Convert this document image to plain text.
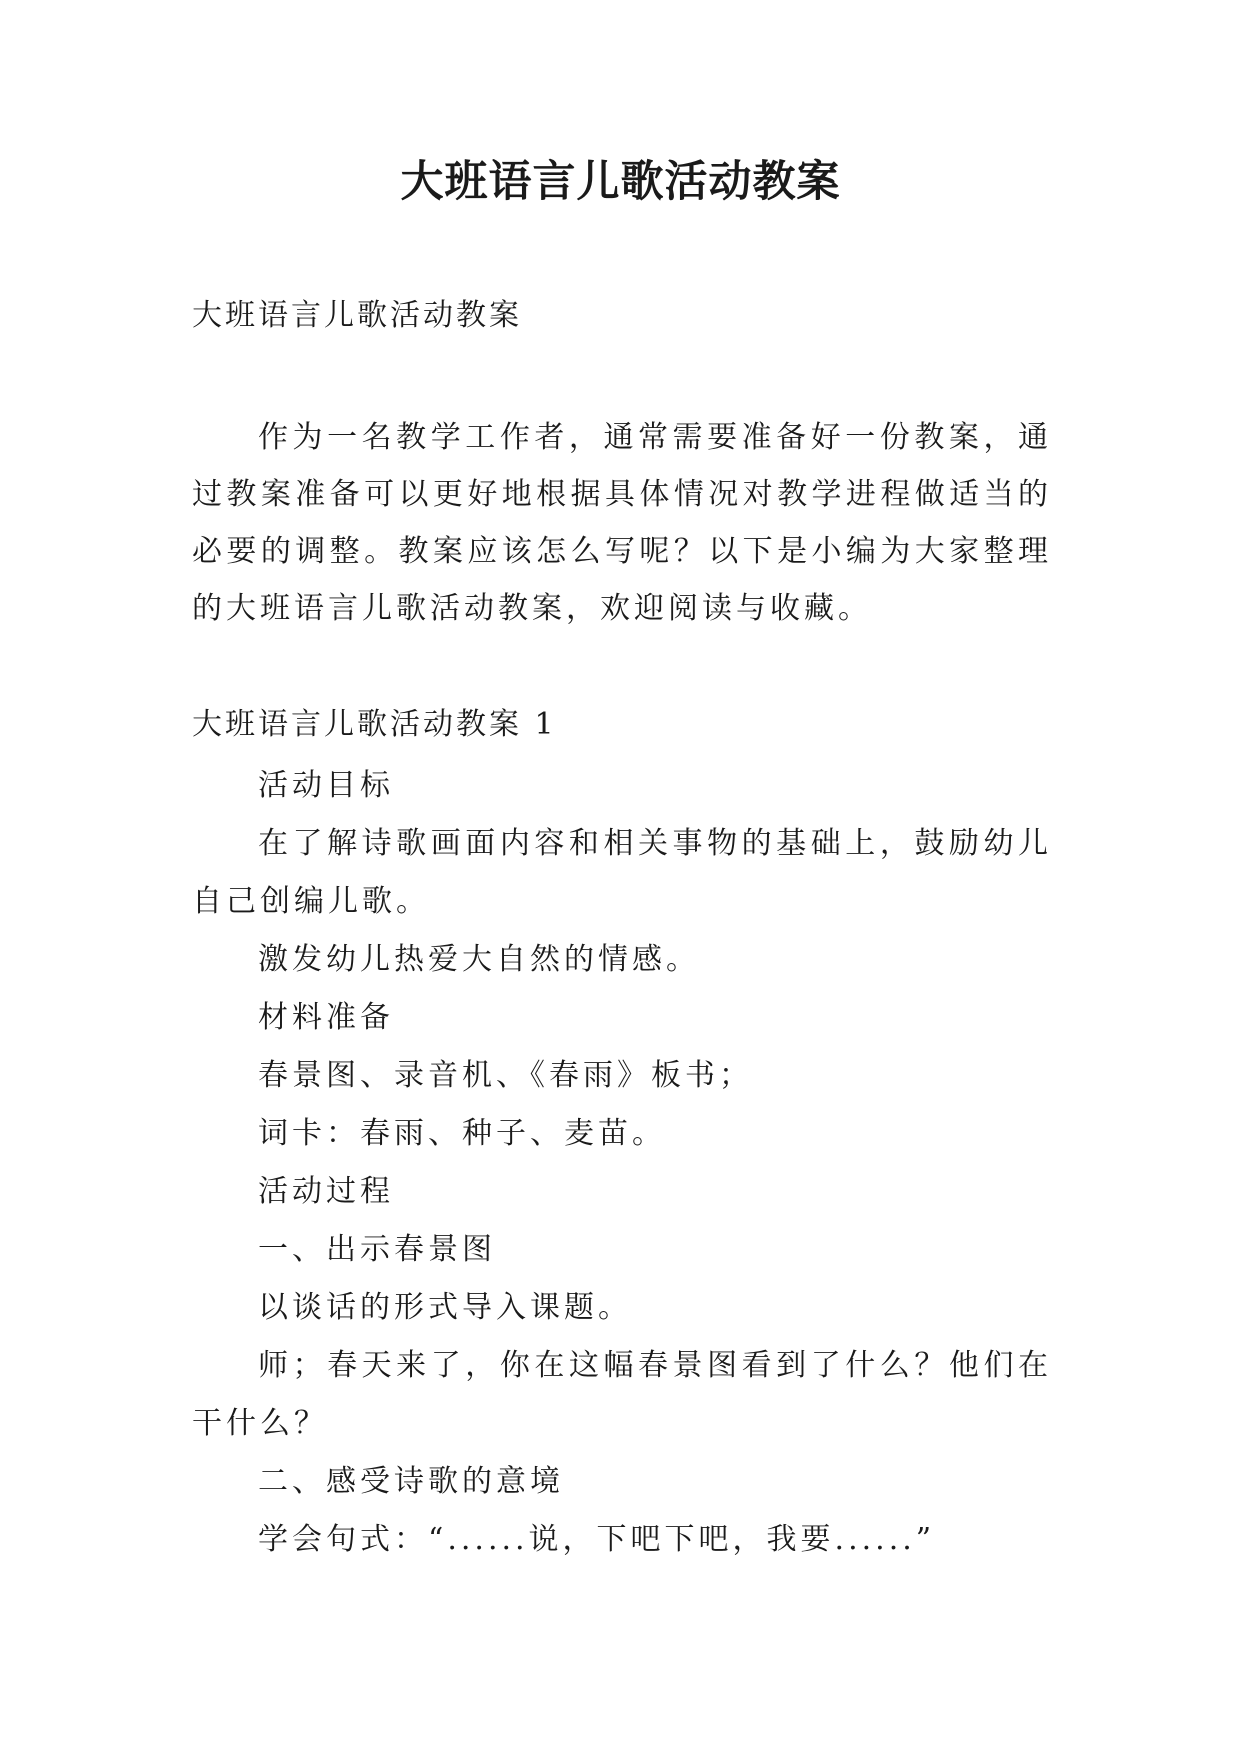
大班语言儿歌活动教案

大班语言儿歌活动教案

作为一名教学工作者，通常需要准备好一份教案，通过教案准备可以更好地根据具体情况对教学进程做适当的必要的调整。教案应该怎么写呢？以下是小编为大家整理的大班语言儿歌活动教案，欢迎阅读与收藏。

大班语言儿歌活动教案 1

活动目标

在了解诗歌画面内容和相关事物的基础上，鼓励幼儿自己创编儿歌。

激发幼儿热爱大自然的情感。

材料准备

春景图、录音机、《春雨》板书；

词卡：春雨、种子、麦苗。

活动过程

一、出示春景图

以谈话的形式导入课题。

师；春天来了，你在这幅春景图看到了什么？他们在干什么？

二、感受诗歌的意境

学会句式：“......说，下吧下吧，我要......”
